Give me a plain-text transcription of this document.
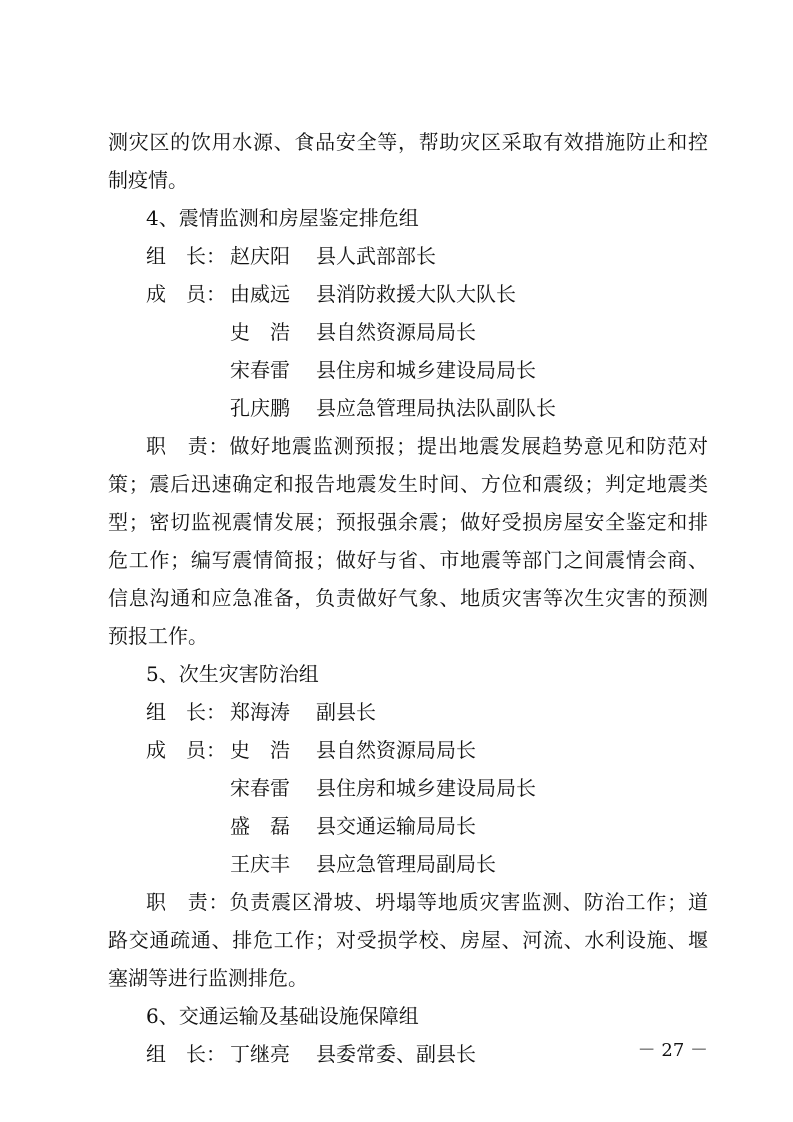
测灾区的饮用水源、食品安全等，帮助灾区采取有效措施防止和控
制疫情。
4、震情监测和房屋鉴定排危组
组　长： 赵庆阳 县人武部部长
成　员： 由威远 县消防救援大队大队长
史　浩 县自然资源局局长
宋春雷 县住房和城乡建设局局长
孔庆鹏 县应急管理局执法队副队长
职　责：做好地震监测预报；提出地震发展趋势意见和防范对
策；震后迅速确定和报告地震发生时间、方位和震级；判定地震类
型；密切监视震情发展；预报强余震；做好受损房屋安全鉴定和排
危工作；编写震情简报；做好与省、市地震等部门之间震情会商、
信息沟通和应急准备，负责做好气象、地质灾害等次生灾害的预测
预报工作。
5、次生灾害防治组
组　长： 郑海涛 副县长
成　员： 史　浩 县自然资源局局长
宋春雷 县住房和城乡建设局局长
盛　磊 县交通运输局局长
王庆丰 县应急管理局副局长
职　责：负责震区滑坡、坍塌等地质灾害监测、防治工作；道
路交通疏通、排危工作；对受损学校、房屋、河流、水利设施、堰
塞湖等进行监测排危。
6、交通运输及基础设施保障组
组　长： 丁继亮 县委常委、副县长	－ 27 －
